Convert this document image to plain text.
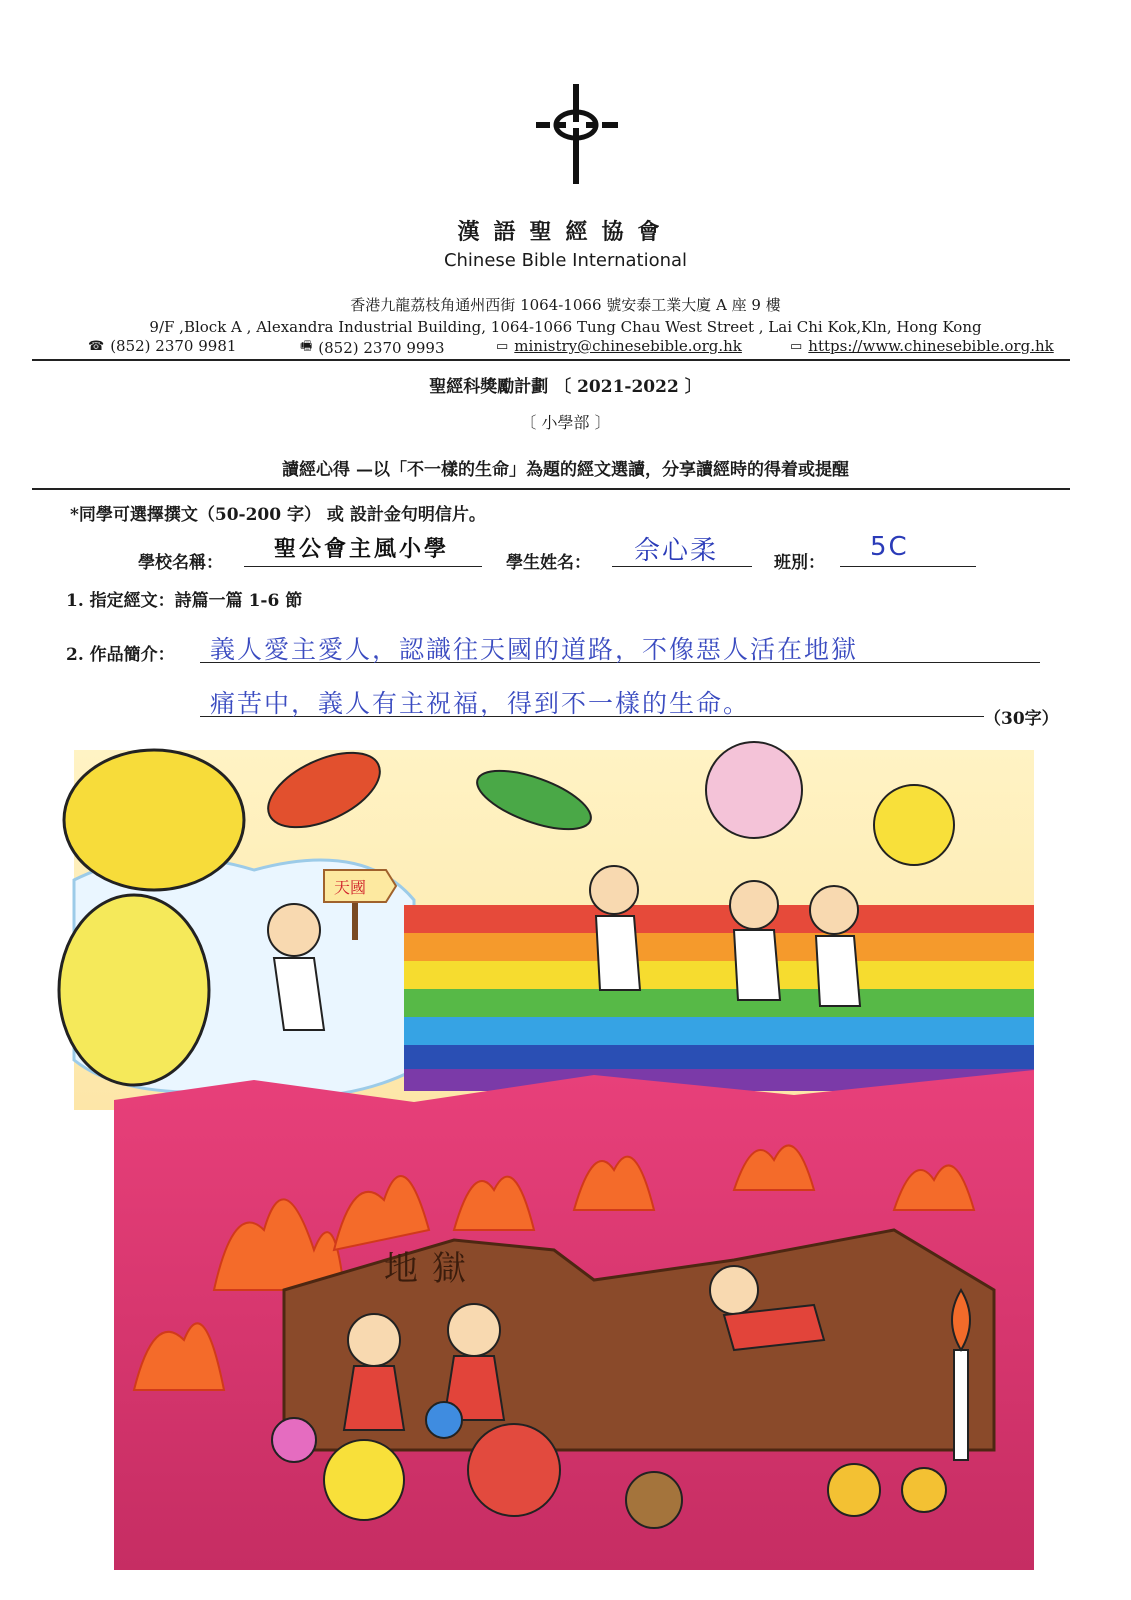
漢語聖經協會
Chinese Bible International
香港九龍荔枝角通州西街 1064-1066 號安泰工業大廈 A 座 9 樓
9/F ,Block A , Alexandra Industrial Building, 1064-1066 Tung Chau West Street , Lai Chi Kok,Kln, Hong Kong
☎ (852) 2370 9981	🖷 (852) 2370 9993	▭ ministry@chinesebible.org.hk	▭ https://www.chinesebible.org.hk
聖經科獎勵計劃 〔 2021-2022 〕
〔 小學部 〕
讀經心得 —以「不一樣的生命」為題的經文選讀，分享讀經時的得着或提醒
*同學可選擇撰文（50-200 字） 或 設計金句明信片。
學校名稱：
聖公會主風小學
學生姓名： 佘心柔	班別：
5C
1. 指定經文：詩篇一篇 1-6 節
2. 作品簡介： 義人愛主愛人，認識往天國的道路，不像惡人活在地獄
痛苦中，義人有主祝福，得到不一樣的生命。
（30字）
天國
地獄
